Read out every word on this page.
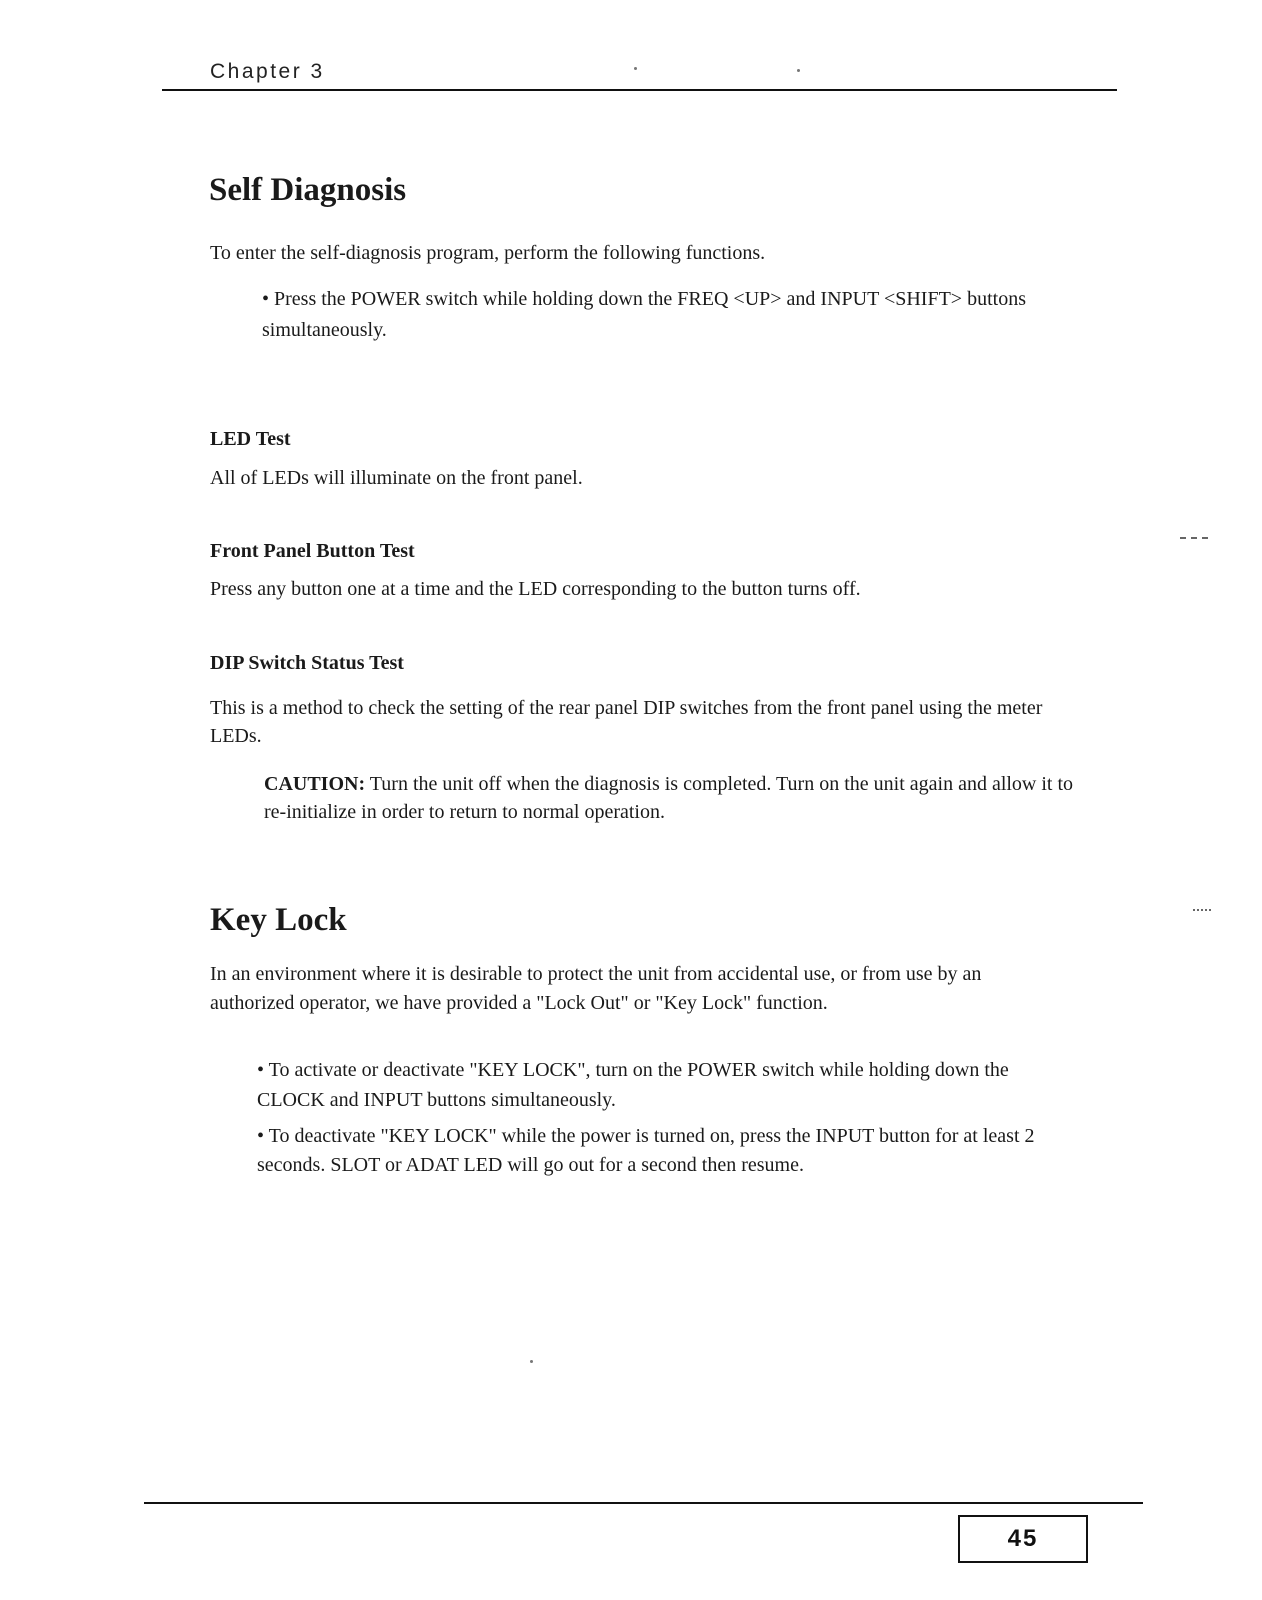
Chapter 3
Self Diagnosis

To enter the self-diagnosis program, perform the following functions.

• Press the POWER switch while holding down the FREQ <UP> and INPUT <SHIFT> buttons simultaneously.

LED Test

All of LEDs will illuminate on the front panel.

Front Panel Button Test

Press any button one at a time and the LED corresponding to the button turns off.

DIP Switch Status Test

This is a method to check the setting of the rear panel DIP switches from the front panel using the meter LEDs.

CAUTION: Turn the unit off when the diagnosis is completed. Turn on the unit again and allow it to re-initialize in order to return to normal operation.

Key Lock

In an environment where it is desirable to protect the unit from accidental use, or from use by an authorized operator, we have provided a "Lock Out" or "Key Lock" function.

• To activate or deactivate "KEY LOCK", turn on the POWER switch while holding down the CLOCK and INPUT buttons simultaneously.

• To deactivate "KEY LOCK" while the power is turned on, press the INPUT button for at least 2 seconds. SLOT or ADAT LED will go out for a second then resume.

45
